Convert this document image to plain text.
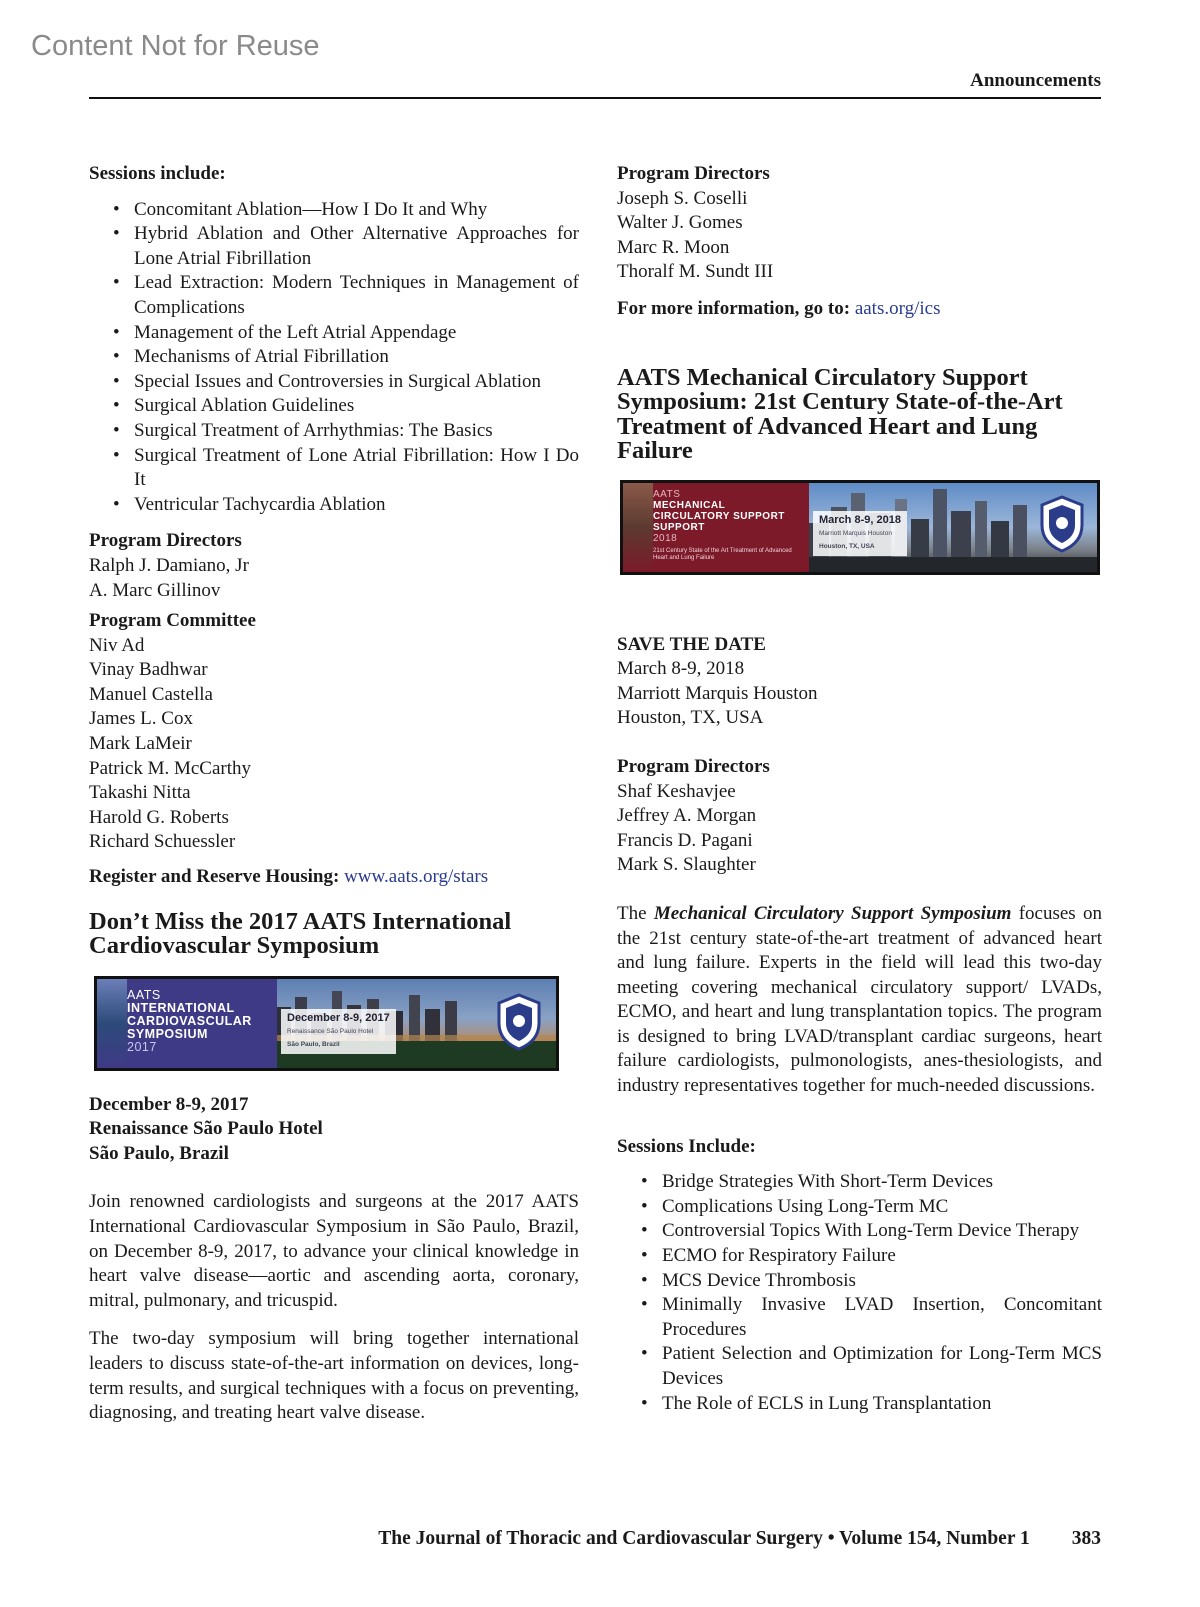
Content Not for Reuse
Announcements

Sessions include:

• Concomitant Ablation—How I Do It and Why
• Hybrid Ablation and Other Alternative Approaches for Lone Atrial Fibrillation
• Lead Extraction: Modern Techniques in Management of Complications
• Management of the Left Atrial Appendage
• Mechanisms of Atrial Fibrillation
• Special Issues and Controversies in Surgical Ablation
• Surgical Ablation Guidelines
• Surgical Treatment of Arrhythmias: The Basics
• Surgical Treatment of Lone Atrial Fibrillation: How I Do It
• Ventricular Tachycardia Ablation

Program Directors

Ralph J. Damiano, Jr
A. Marc Gillinov

Program Committee

Niv Ad
Vinay Badhwar
Manuel Castella
James L. Cox
Mark LaMeir
Patrick M. McCarthy
Takashi Nitta
Harold G. Roberts
Richard Schuessler

Register and Reserve Housing: www.aats.org/stars

Don’t Miss the 2017 AATS International Cardiovascular Symposium

AATS
INTERNATIONAL
CARDIOVASCULAR
SYMPOSIUM
2017
December 8-9, 2017
Renaissance São Paulo Hotel
São Paulo, Brazil

December 8-9, 2017

Renaissance São Paulo Hotel

São Paulo, Brazil

Join renowned cardiologists and surgeons at the 2017 AATS International Cardiovascular Symposium in São Paulo, Brazil, on December 8-9, 2017, to advance your clinical knowledge in heart valve disease—aortic and ascending aorta, coronary, mitral, pulmonary, and tricuspid.

The two-day symposium will bring together international leaders to discuss state-of-the-art information on devices, long-term results, and surgical techniques with a focus on preventing, diagnosing, and treating heart valve disease.

Program Directors

Joseph S. Coselli
Walter J. Gomes
Marc R. Moon
Thoralf M. Sundt III

For more information, go to: aats.org/ics

AATS Mechanical Circulatory Support Symposium: 21st Century State-of-the-Art Treatment of Advanced Heart and Lung Failure

AATS
MECHANICAL
CIRCULATORY SUPPORT
SUPPORT
2018
21st Century State of the Art Treatment of Advanced Heart and Lung Failure
March 8-9, 2018
Marriott Marquis Houston
Houston, TX, USA

SAVE THE DATE

March 8-9, 2018

Marriott Marquis Houston

Houston, TX, USA

Program Directors

Shaf Keshavjee
Jeffrey A. Morgan
Francis D. Pagani
Mark S. Slaughter

The Mechanical Circulatory Support Symposium focuses on the 21st century state-of-the-art treatment of advanced heart and lung failure. Experts in the field will lead this two-day meeting covering mechanical circulatory support/ LVADs, ECMO, and heart and lung transplantation topics. The program is designed to bring LVAD/transplant cardiac surgeons, heart failure cardiologists, pulmonologists, anes-thesiologists, and industry representatives together for much-needed discussions.

Sessions Include:

• Bridge Strategies With Short-Term Devices
• Complications Using Long-Term MC
• Controversial Topics With Long-Term Device Therapy
• ECMO for Respiratory Failure
• MCS Device Thrombosis
• Minimally Invasive LVAD Insertion, Concomitant Procedures
• Patient Selection and Optimization for Long-Term MCS Devices
• The Role of ECLS in Lung Transplantation
The Journal of Thoracic and Cardiovascular Surgery • Volume 154, Number 1 383
